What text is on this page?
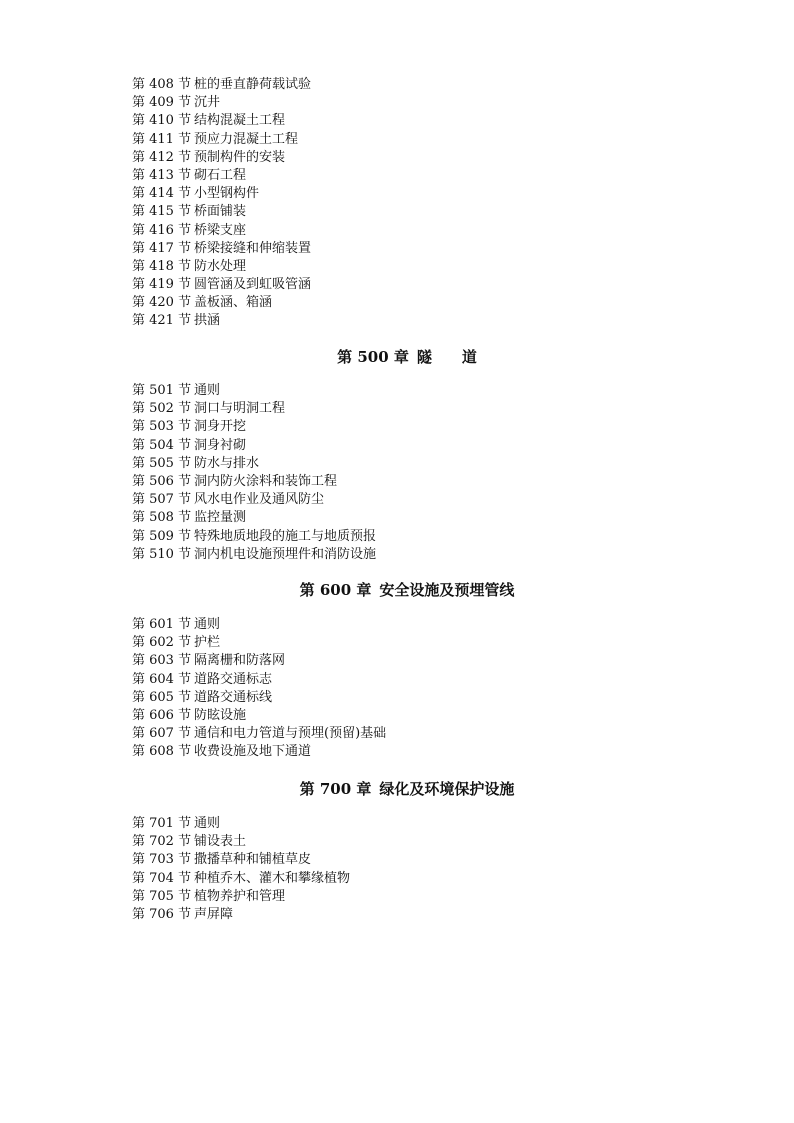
第 408 节 桩的垂直静荷载试验
第 409 节 沉井
第 410 节 结构混凝土工程
第 411 节 预应力混凝土工程
第 412 节 预制构件的安装
第 413 节 砌石工程
第 414 节 小型钢构件
第 415 节 桥面铺装
第 416 节 桥梁支座
第 417 节 桥梁接缝和伸缩装置
第 418 节 防水处理
第 419 节 圆管涵及到虹吸管涵
第 420 节 盖板涵、箱涵
第 421 节 拱涵
第 500 章 隧　　道
第 501 节 通则
第 502 节 洞口与明洞工程
第 503 节 洞身开挖
第 504 节 洞身衬砌
第 505 节 防水与排水
第 506 节 洞内防火涂料和装饰工程
第 507 节 风水电作业及通风防尘
第 508 节 监控量测
第 509 节 特殊地质地段的施工与地质预报
第 510 节 洞内机电设施预埋件和消防设施
第 600 章 安全设施及预埋管线
第 601 节 通则
第 602 节 护栏
第 603 节 隔离栅和防落网
第 604 节 道路交通标志
第 605 节 道路交通标线
第 606 节 防眩设施
第 607 节 通信和电力管道与预埋(预留)基础
第 608 节 收费设施及地下通道
第 700 章 绿化及环境保护设施
第 701 节 通则
第 702 节 铺设表土
第 703 节 撒播草种和铺植草皮
第 704 节 种植乔木、灌木和攀缘植物
第 705 节 植物养护和管理
第 706 节 声屏障
